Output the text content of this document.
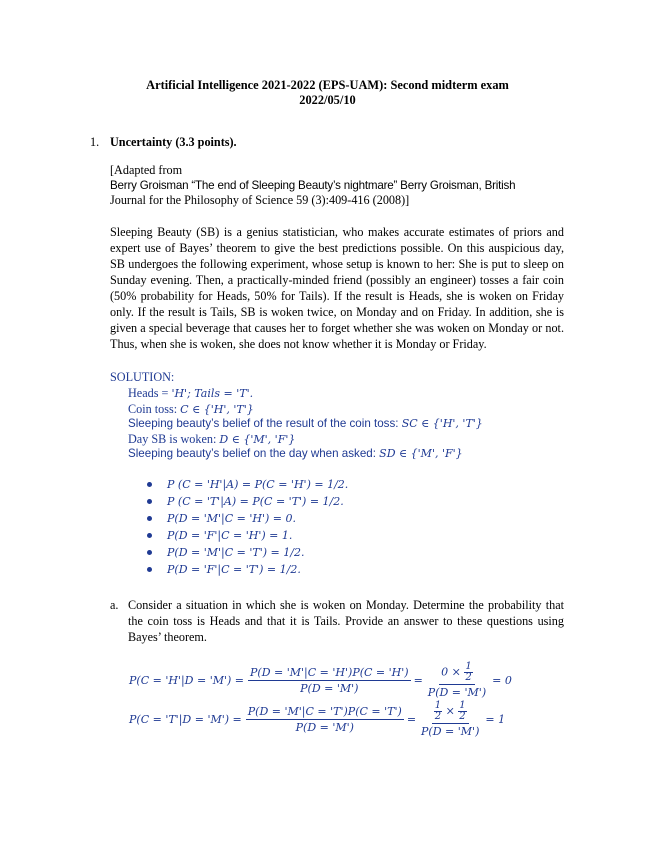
Artificial Intelligence 2021-2022 (EPS-UAM): Second midterm exam
2022/05/10
1. Uncertainty (3.3 points).
[Adapted from
Berry Groisman “The end of Sleeping Beauty’s nightmare” Berry Groisman, British
Journal for the Philosophy of Science 59 (3):409-416 (2008)]
Sleeping Beauty (SB) is a genius statistician, who makes accurate estimates of priors and expert use of Bayes’ theorem to give the best predictions possible. On this auspicious day, SB undergoes the following experiment, whose setup is known to her: She is put to sleep on Sunday evening. Then, a practically-minded friend (possibly an engineer) tosses a fair coin (50% probability for Heads, 50% for Tails). If the result is Heads, she is woken on Friday only. If the result is Tails, SB is woken twice, on Monday and on Friday. In addition, she is given a special beverage that causes her to forget whether she was woken on Monday or not. Thus, when she is woken, she does not know whether it is Monday or Friday.
SOLUTION:
Heads = 'H'; Tails = 'T'.
Coin toss: C ∈ {'H', 'T'}
Sleeping beauty’s belief of the result of the coin toss: SC ∈ {'H', 'T'}
Day SB is woken: D ∈ {'M', 'F'}
Sleeping beauty’s belief on the day when asked: SD ∈ {'M', 'F'}
P (C = 'H'|A) = P(C = 'H') = 1/2.
P (C = 'T'|A) = P(C = 'T') = 1/2.
P(D = 'M'|C = 'H') = 0.
P(D = 'F'|C = 'H') = 1.
P(D = 'M'|C = 'T') = 1/2.
P(D = 'F'|C = 'T') = 1/2.
a. Consider a situation in which she is woken on Monday. Determine the probability that the coin toss is Heads and that it is Tails. Provide an answer to these questions using Bayes’ theorem.
P(C = 'H'|D = '$M') = \frac{P(D = 'M'|C = 'H')P(C = 'H')}{P(D = 'M')} = \frac{0 \times \frac{1}{2}}{P(D = 'M')} = 0$
P(C = 'T'|D = '$M') = \frac{P(D = 'M'|C = 'T')P(C = 'T')}{P(D = 'M')} = \frac{\frac{1}{2} \times \frac{1}{2}}{P(D = 'M')} = 1$
